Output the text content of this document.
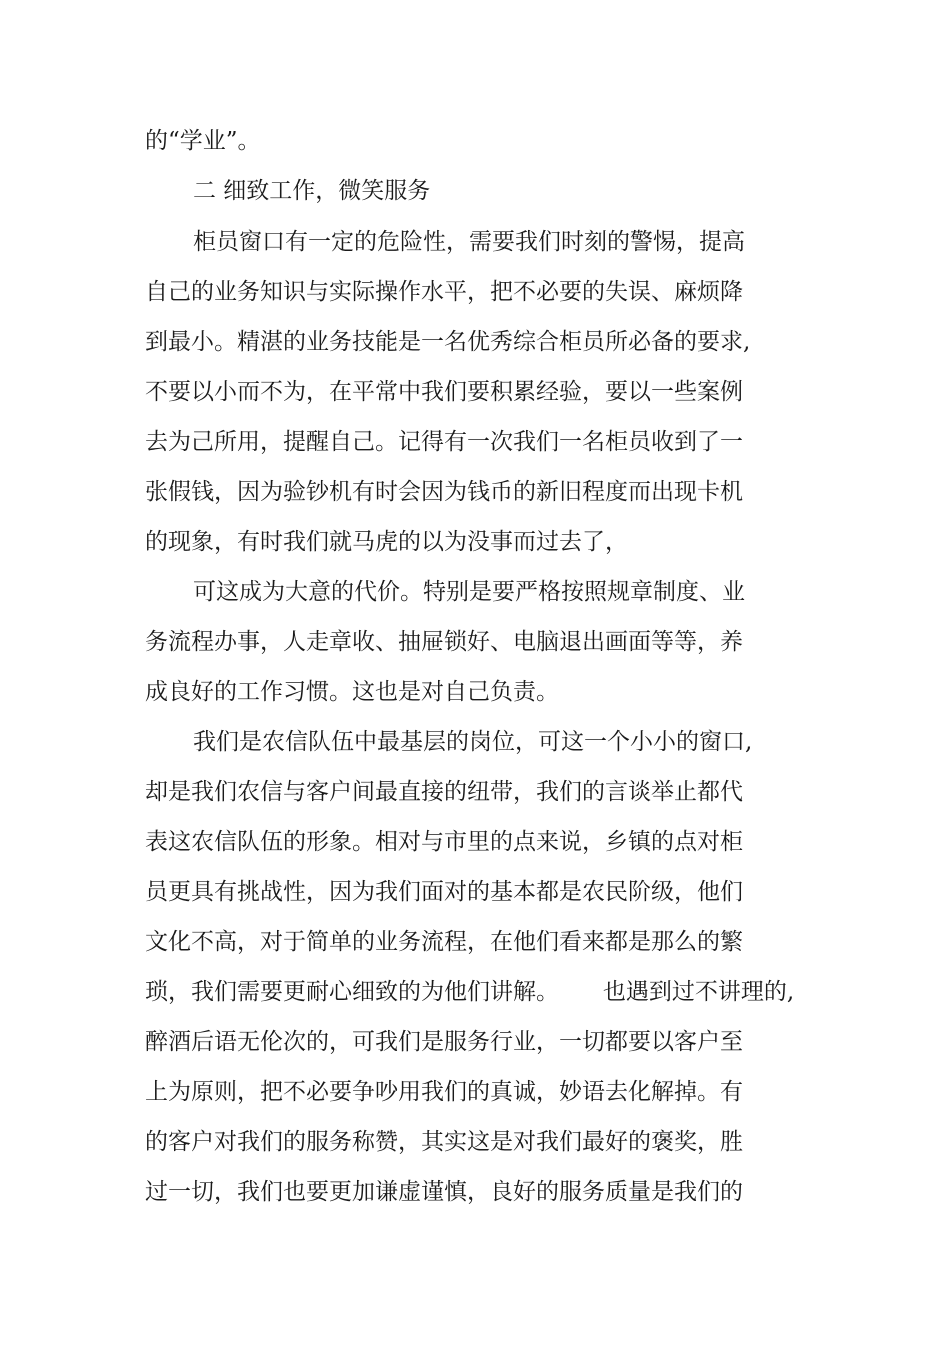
的“学业”。

二 细致工作，微笑服务

柜员窗口有一定的危险性，需要我们时刻的警惕，提高

自己的业务知识与实际操作水平，把不必要的失误、麻烦降

到最小。精湛的业务技能是一名优秀综合柜员所必备的要求,

不要以小而不为，在平常中我们要积累经验，要以一些案例

去为己所用，提醒自己。记得有一次我们一名柜员收到了一

张假钱，因为验钞机有时会因为钱币的新旧程度而出现卡机

的现象，有时我们就马虎的以为没事而过去了，

可这成为大意的代价。特别是要严格按照规章制度、业

务流程办事，人走章收、抽屉锁好、电脑退出画面等等，养

成良好的工作习惯。这也是对自己负责。

我们是农信队伍中最基层的岗位，可这一个小小的窗口,

却是我们农信与客户间最直接的纽带，我们的言谈举止都代

表这农信队伍的形象。相对与市里的点来说，乡镇的点对柜

员更具有挑战性，因为我们面对的基本都是农民阶级，他们

文化不高，对于简单的业务流程，在他们看来都是那么的繁

琐，我们需要更耐心细致的为他们讲解。      也遇到过不讲理的,

醉酒后语无伦次的，可我们是服务行业，一切都要以客户至

上为原则，把不必要争吵用我们的真诚，妙语去化解掉。有

的客户对我们的服务称赞，其实这是对我们最好的褒奖，胜

过一切，我们也要更加谦虚谨慎，良好的服务质量是我们的
